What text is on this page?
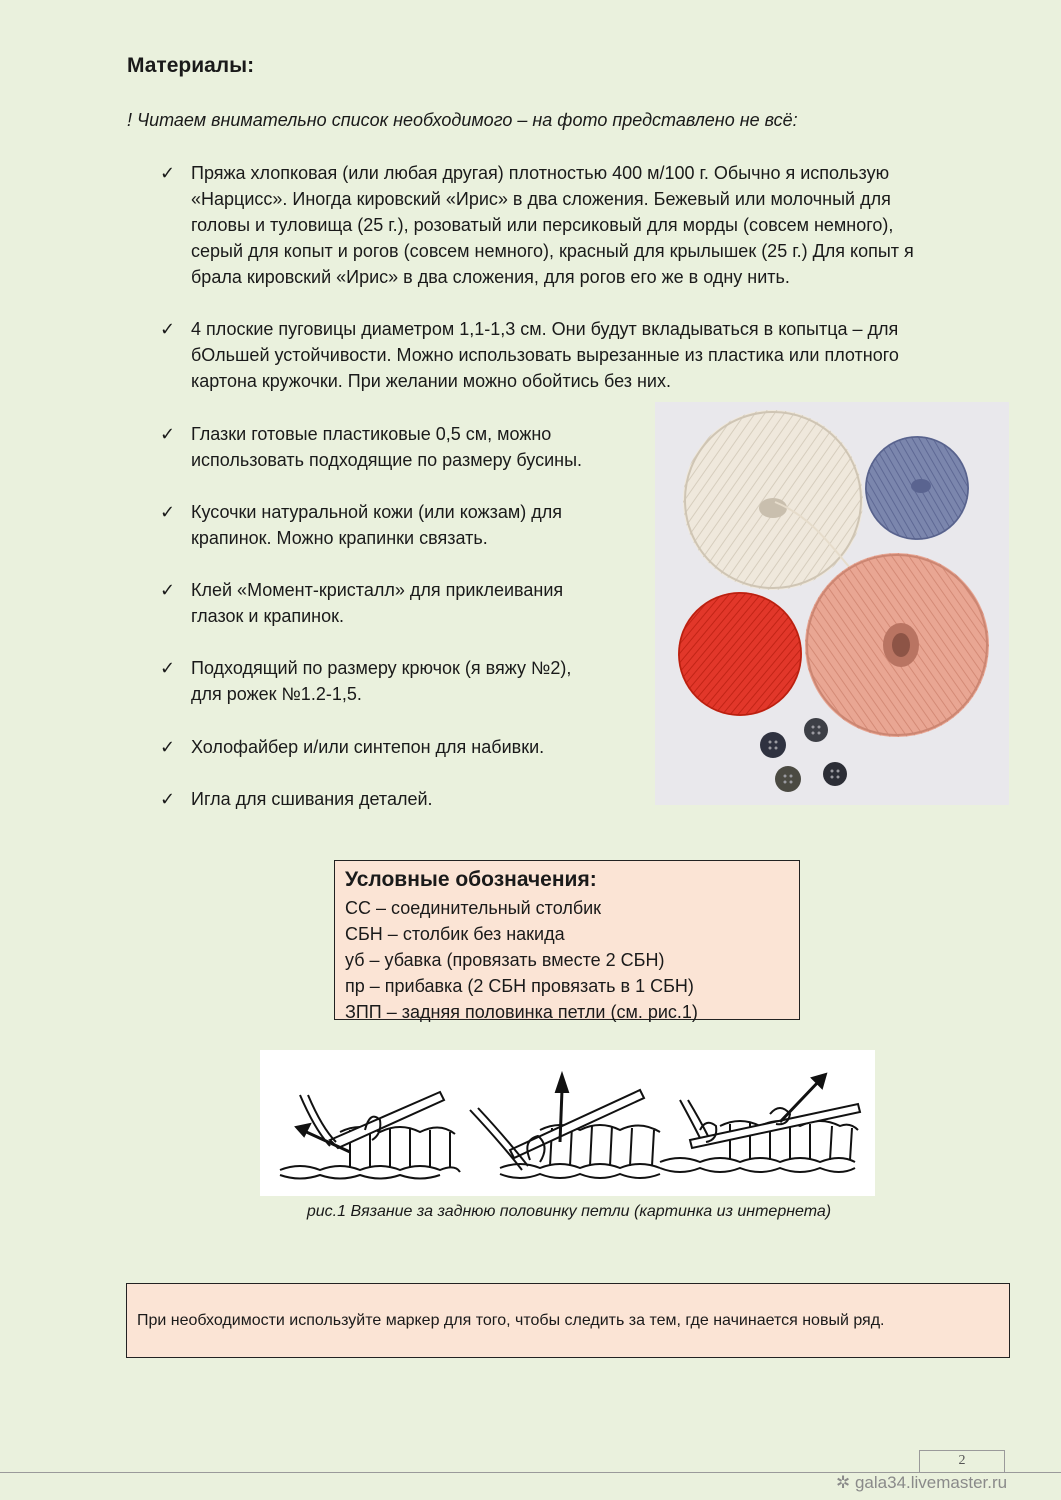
Материалы:

! Читаем внимательно список необходимого – на фото представлено не всё:

✓ Пряжа хлопковая (или любая другая) плотностью 400 м/100 г. Обычно я использую

«Нарцисс». Иногда кировский «Ирис» в два сложения. Бежевый или молочный для

головы и туловища (25 г.), розоватый или персиковый для морды (совсем немного),

серый для копыт и рогов (совсем немного), красный для крылышек (25 г.) Для копыт я

брала кировский «Ирис» в два сложения, для рогов его же в одну нить.

✓ 4 плоские пуговицы диаметром 1,1-1,3 см. Они будут вкладываться в копытца – для

бОльшей устойчивости. Можно использовать вырезанные из пластика или плотного

картона кружочки. При желании можно обойтись без них.

✓ Глазки готовые пластиковые 0,5 см, можно

использовать подходящие по размеру бусины.

✓ Кусочки натуральной кожи (или кожзам) для

крапинок. Можно крапинки связать.

✓ Клей «Момент-кристалл» для приклеивания

глазок и крапинок.

✓ Подходящий по размеру крючок (я вяжу №2),

для рожек №1.2-1,5.

✓ Холофайбер и/или синтепон для набивки.

✓ Игла для сшивания деталей.

Условные обозначения:

СС – соединительный столбик

СБН – столбик без накида

уб – убавка (провязать вместе 2 СБН)

пр – прибавка (2 СБН провязать в 1 СБН)

ЗПП – задняя половинка петли (см. рис.1)

рис.1 Вязание за заднюю половинку петли (картинка из интернета)
При необходимости используйте маркер для того, чтобы следить за тем, где начинается новый ряд.
2
✲ gala34.livemaster.ru
